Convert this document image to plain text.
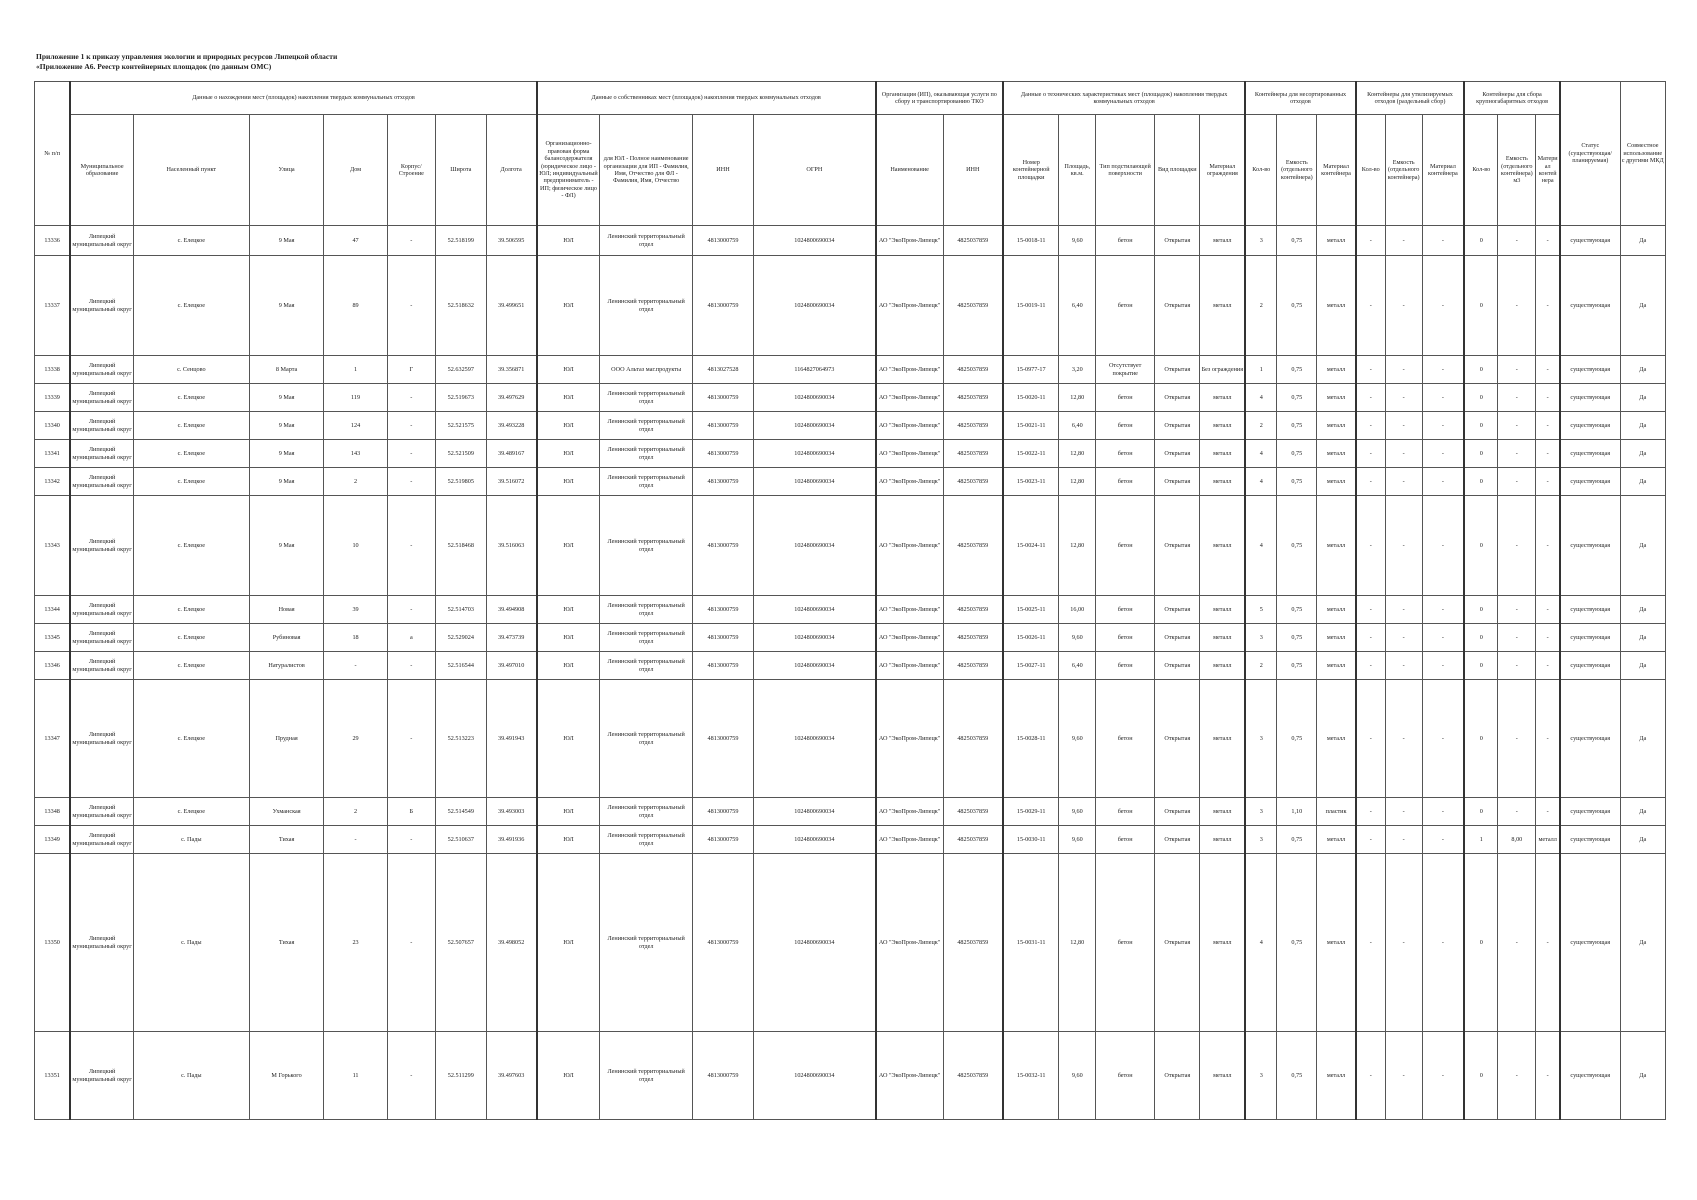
Приложение 1 к приказу управления экологии и природных ресурсов Липецкой области
«Приложение А6. Реестр контейнерных площадок (по данным ОМС)
№ п/п	Данные о нахождении мест (площадок) накопления твердых коммунальных отходов							Данные о собственниках мест (площадок) накопления твердых коммунальных отходов				Организация (ИП), оказывающая услуги по сбору и транспортированию ТКО		Данные о технических характеристиках мест (площадок) накопления твердых коммунальных отходов					Контейнеры для несортированных отходов			Контейнеры для утилизируемых отходов (раздельный сбор)			Контейнеры для сбора крупногабаритных отходов			Статус (существующая/ планируемая)	Совместное использование с другими МКД
	Муниципальное образование	Населенный пункт	Улица	Дом	Корпус/Строение	Широта	Долгота	Организационно-правовая форма балансодержателя (юридическое лицо - ЮЛ; индивидуальный предприниматель - ИП; физическое лицо - ФЛ)	для ЮЛ - Полное наименование организации для ИП - Фамилия, Имя, Отчество для ФЛ - Фамилия, Имя, Отчество	ИНН	ОГРН	Наименование	ИНН	Номер контейнерной площадки	Площадь, кв.м.	Тип подстилающей поверхности	Вид площадки	Материал ограждения	Кол-во	Емкость (отдельного контейнера)	Материал контейнера	Кол-во	Емкость (отдельного контейнера)	Материал контейнера	Кол-во	Емкость (отдельного контейнера) м3	Материал контейнера		
13336	Липецкий муниципальный округ	с. Елецкое	9 Мая	47	-	52.518199	39.506595	ЮЛ	Ленинский территориальный отдел	4813000759	1024800690034	АО "ЭкоПром-Липецк"	4825037859	15-0018-11	9,60	бетон	Открытая	металл	3	0,75	металл	-	-	-	0	-	-	существующая	Да
13337	Липецкий муниципальный округ	с. Елецкое	9 Мая	89	-	52.518632	39.499651	ЮЛ	Ленинский территориальный отдел	4813000759	1024800690034	АО "ЭкоПром-Липецк"	4825037859	15-0019-11	6,40	бетон	Открытая	металл	2	0,75	металл	-	-	-	0	-	-	существующая	Да
13338	Липецкий муниципальный округ	с. Сенцово	8 Марта	1	Г	52.632597	39.356871	ЮЛ	ООО Альтаз маг.продукты	4813027528	1164827064973	АО "ЭкоПром-Липецк"	4825037859	15-0977-17	3,20	Отсутствует покрытие	Открытая	Без ограждения	1	0,75	металл	-	-	-	0	-	-	существующая	Да
13339	Липецкий муниципальный округ	с. Елецкое	9 Мая	119	-	52.519673	39.497629	ЮЛ	Ленинский территориальный отдел	4813000759	1024800690034	АО "ЭкоПром-Липецк"	4825037859	15-0020-11	12,80	бетон	Открытая	металл	4	0,75	металл	-	-	-	0	-	-	существующая	Да
13340	Липецкий муниципальный округ	с. Елецкое	9 Мая	124	-	52.521575	39.493228	ЮЛ	Ленинский территориальный отдел	4813000759	1024800690034	АО "ЭкоПром-Липецк"	4825037859	15-0021-11	6,40	бетон	Открытая	металл	2	0,75	металл	-	-	-	0	-	-	существующая	Да
13341	Липецкий муниципальный округ	с. Елецкое	9 Мая	143	-	52.521509	39.489167	ЮЛ	Ленинский территориальный отдел	4813000759	1024800690034	АО "ЭкоПром-Липецк"	4825037859	15-0022-11	12,80	бетон	Открытая	металл	4	0,75	металл	-	-	-	0	-	-	существующая	Да
13342	Липецкий муниципальный округ	с. Елецкое	9 Мая	2	-	52.519805	39.516072	ЮЛ	Ленинский территориальный отдел	4813000759	1024800690034	АО "ЭкоПром-Липецк"	4825037859	15-0023-11	12,80	бетон	Открытая	металл	4	0,75	металл	-	-	-	0	-	-	существующая	Да
13343	Липецкий муниципальный округ	с. Елецкое	9 Мая	10	-	52.518468	39.516063	ЮЛ	Ленинский территориальный отдел	4813000759	1024800690034	АО "ЭкоПром-Липецк"	4825037859	15-0024-11	12,80	бетон	Открытая	металл	4	0,75	металл	-	-	-	0	-	-	существующая	Да
13344	Липецкий муниципальный округ	с. Елецкое	Новая	39	-	52.514703	39.494908	ЮЛ	Ленинский территориальный отдел	4813000759	1024800690034	АО "ЭкоПром-Липецк"	4825037859	15-0025-11	16,00	бетон	Открытая	металл	5	0,75	металл	-	-	-	0	-	-	существующая	Да
13345	Липецкий муниципальный округ	с. Елецкое	Рубиновая	18	а	52.529024	39.473739	ЮЛ	Ленинский территориальный отдел	4813000759	1024800690034	АО "ЭкоПром-Липецк"	4825037859	15-0026-11	9,60	бетон	Открытая	металл	3	0,75	металл	-	-	-	0	-	-	существующая	Да
13346	Липецкий муниципальный округ	с. Елецкое	Натуралистов	-	-	52.516544	39.497010	ЮЛ	Ленинский территориальный отдел	4813000759	1024800690034	АО "ЭкоПром-Липецк"	4825037859	15-0027-11	6,40	бетон	Открытая	металл	2	0,75	металл	-	-	-	0	-	-	существующая	Да
13347	Липецкий муниципальный округ	с. Елецкое	Прудная	29	-	52.513223	39.491943	ЮЛ	Ленинский территориальный отдел	4813000759	1024800690034	АО "ЭкоПром-Липецк"	4825037859	15-0028-11	9,60	бетон	Открытая	металл	3	0,75	металл	-	-	-	0	-	-	существующая	Да
13348	Липецкий муниципальный округ	с. Елецкое	Ухманская	2	Б	52.514549	39.493003	ЮЛ	Ленинский территориальный отдел	4813000759	1024800690034	АО "ЭкоПром-Липецк"	4825037859	15-0029-11	9,60	бетон	Открытая	металл	3	1,10	пластик	-	-	-	0	-	-	существующая	Да
13349	Липецкий муниципальный округ	с. Пады	Тихая	-	-	52.510637	39.491936	ЮЛ	Ленинский территориальный отдел	4813000759	1024800690034	АО "ЭкоПром-Липецк"	4825037859	15-0030-11	9,60	бетон	Открытая	металл	3	0,75	металл	-	-	-	1	8,00	металл	существующая	Да
13350	Липецкий муниципальный округ	с. Пады	Тихая	23	-	52.507657	39.498052	ЮЛ	Ленинский территориальный отдел	4813000759	1024800690034	АО "ЭкоПром-Липецк"	4825037859	15-0031-11	12,80	бетон	Открытая	металл	4	0,75	металл	-	-	-	0	-	-	существующая	Да
13351	Липецкий муниципальный округ	с. Пады	М Горького	11	-	52.511299	39.497603	ЮЛ	Ленинский территориальный отдел	4813000759	1024800690034	АО "ЭкоПром-Липецк"	4825037859	15-0032-11	9,60	бетон	Открытая	металл	3	0,75	металл	-	-	-	0	-	-	существующая	Да
